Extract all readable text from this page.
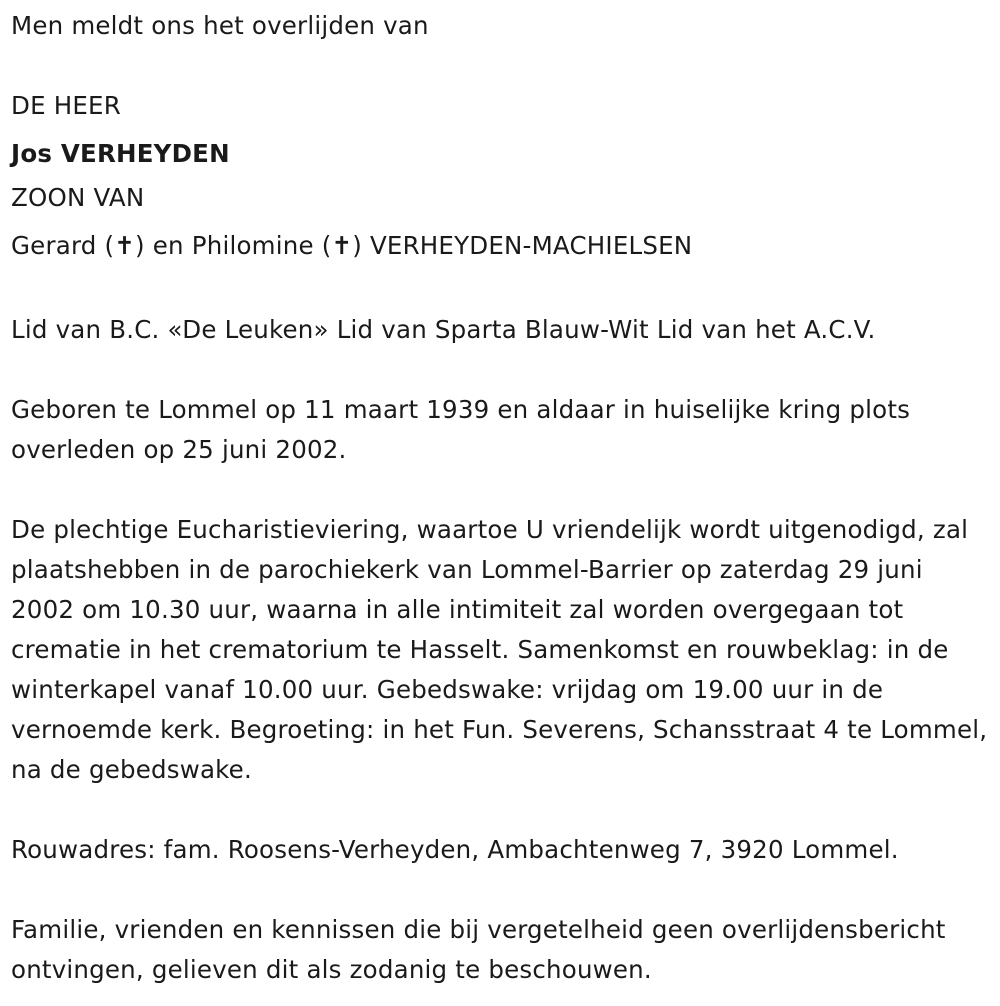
Men meldt ons het overlijden van

DE HEER

Jos VERHEYDEN

ZOON VAN

Gerard (✝) en Philomine (✝) VERHEYDEN-MACHIELSEN

Lid van B.C. «De Leuken» Lid van Sparta Blauw-Wit Lid van het A.C.V.

Geboren te Lommel op 11 maart 1939 en aldaar in huiselijke kring plots overleden op 25 juni 2002.

De plechtige Eucharistieviering, waartoe U vriendelijk wordt uitgenodigd, zal plaatshebben in de parochiekerk van Lommel-Barrier op zaterdag 29 juni 2002 om 10.30 uur, waarna in alle intimiteit zal worden overgegaan tot crematie in het crematorium te Hasselt. Samenkomst en rouwbeklag: in de winterkapel vanaf 10.00 uur. Gebedswake: vrijdag om 19.00 uur in de vernoemde kerk. Begroeting: in het Fun. Severens, Schansstraat 4 te Lommel, na de gebedswake.

Rouwadres: fam. Roosens-Verheyden, Ambachtenweg 7, 3920 Lommel.

Familie, vrienden en kennissen die bij vergetelheid geen overlijdensbericht ontvingen, gelieven dit als zodanig te beschouwen.
